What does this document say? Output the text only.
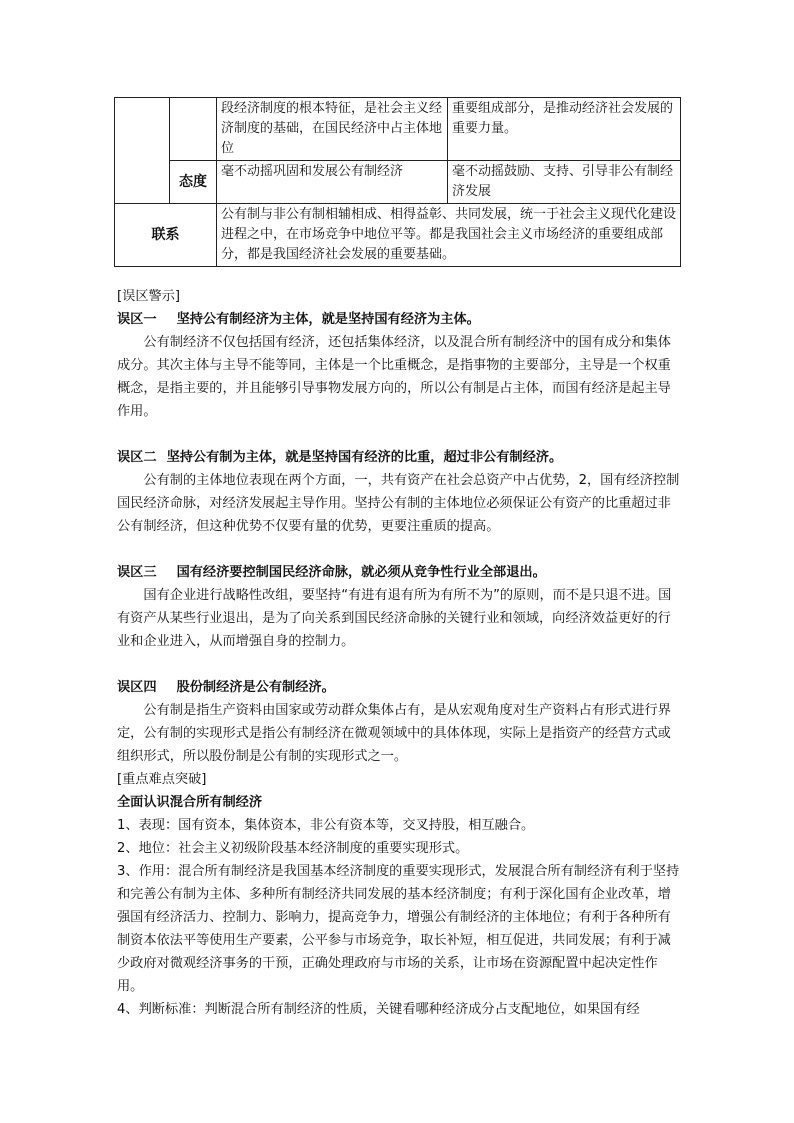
		段经济制度的根本特征，是社会主义经济制度的基础，在国民经济中占主体地位	重要组成部分，是推动经济社会发展的重要力量。
	态度	毫不动摇巩固和发展公有制经济	毫不动摇鼓励、支持、引导非公有制经济发展
联系		公有制与非公有制相辅相成、相得益彰、共同发展，统一于社会主义现代化建设进程之中，在市场竞争中地位平等。都是我国社会主义市场经济的重要组成部分，都是我国经济社会发展的重要基础。	

[误区警示]

误区一 坚持公有制经济为主体，就是坚持国有经济为主体。

公有制经济不仅包括国有经济，还包括集体经济，以及混合所有制经济中的国有成分和集体成分。其次主体与主导不能等同，主体是一个比重概念，是指事物的主要部分，主导是一个权重概念，是指主要的，并且能够引导事物发展方向的，所以公有制是占主体，而国有经济是起主导作用。

误区二 坚持公有制为主体，就是坚持国有经济的比重，超过非公有制经济。

公有制的主体地位表现在两个方面，一，共有资产在社会总资产中占优势，2，国有经济控制国民经济命脉，对经济发展起主导作用。坚持公有制的主体地位必须保证公有资产的比重超过非公有制经济，但这种优势不仅要有量的优势，更要注重质的提高。

误区三 国有经济要控制国民经济命脉，就必须从竞争性行业全部退出。

国有企业进行战略性改组，要坚持“有进有退有所为有所不为”的原则，而不是只退不进。国有资产从某些行业退出，是为了向关系到国民经济命脉的关键行业和领域，向经济效益更好的行业和企业进入，从而增强自身的控制力。

误区四 股份制经济是公有制经济。

公有制是指生产资料由国家或劳动群众集体占有，是从宏观角度对生产资料占有形式进行界定，公有制的实现形式是指公有制经济在微观领域中的具体体现，实际上是指资产的经营方式或组织形式，所以股份制是公有制的实现形式之一。

[重点难点突破]

全面认识混合所有制经济

1、表现：国有资本，集体资本，非公有资本等，交叉持股，相互融合。

2、地位：社会主义初级阶段基本经济制度的重要实现形式。

3、作用：混合所有制经济是我国基本经济制度的重要实现形式，发展混合所有制经济有利于坚持和完善公有制为主体、多种所有制经济共同发展的基本经济制度；有利于深化国有企业改革，增强国有经济活力、控制力、影响力，提高竞争力，增强公有制经济的主体地位；有利于各种所有制资本依法平等使用生产要素，公平参与市场竞争，取长补短，相互促进，共同发展；有利于减少政府对微观经济事务的干预，正确处理政府与市场的关系，让市场在资源配置中起决定性作用。

4、判断标准：判断混合所有制经济的性质，关键看哪种经济成分占支配地位，如果国有经
